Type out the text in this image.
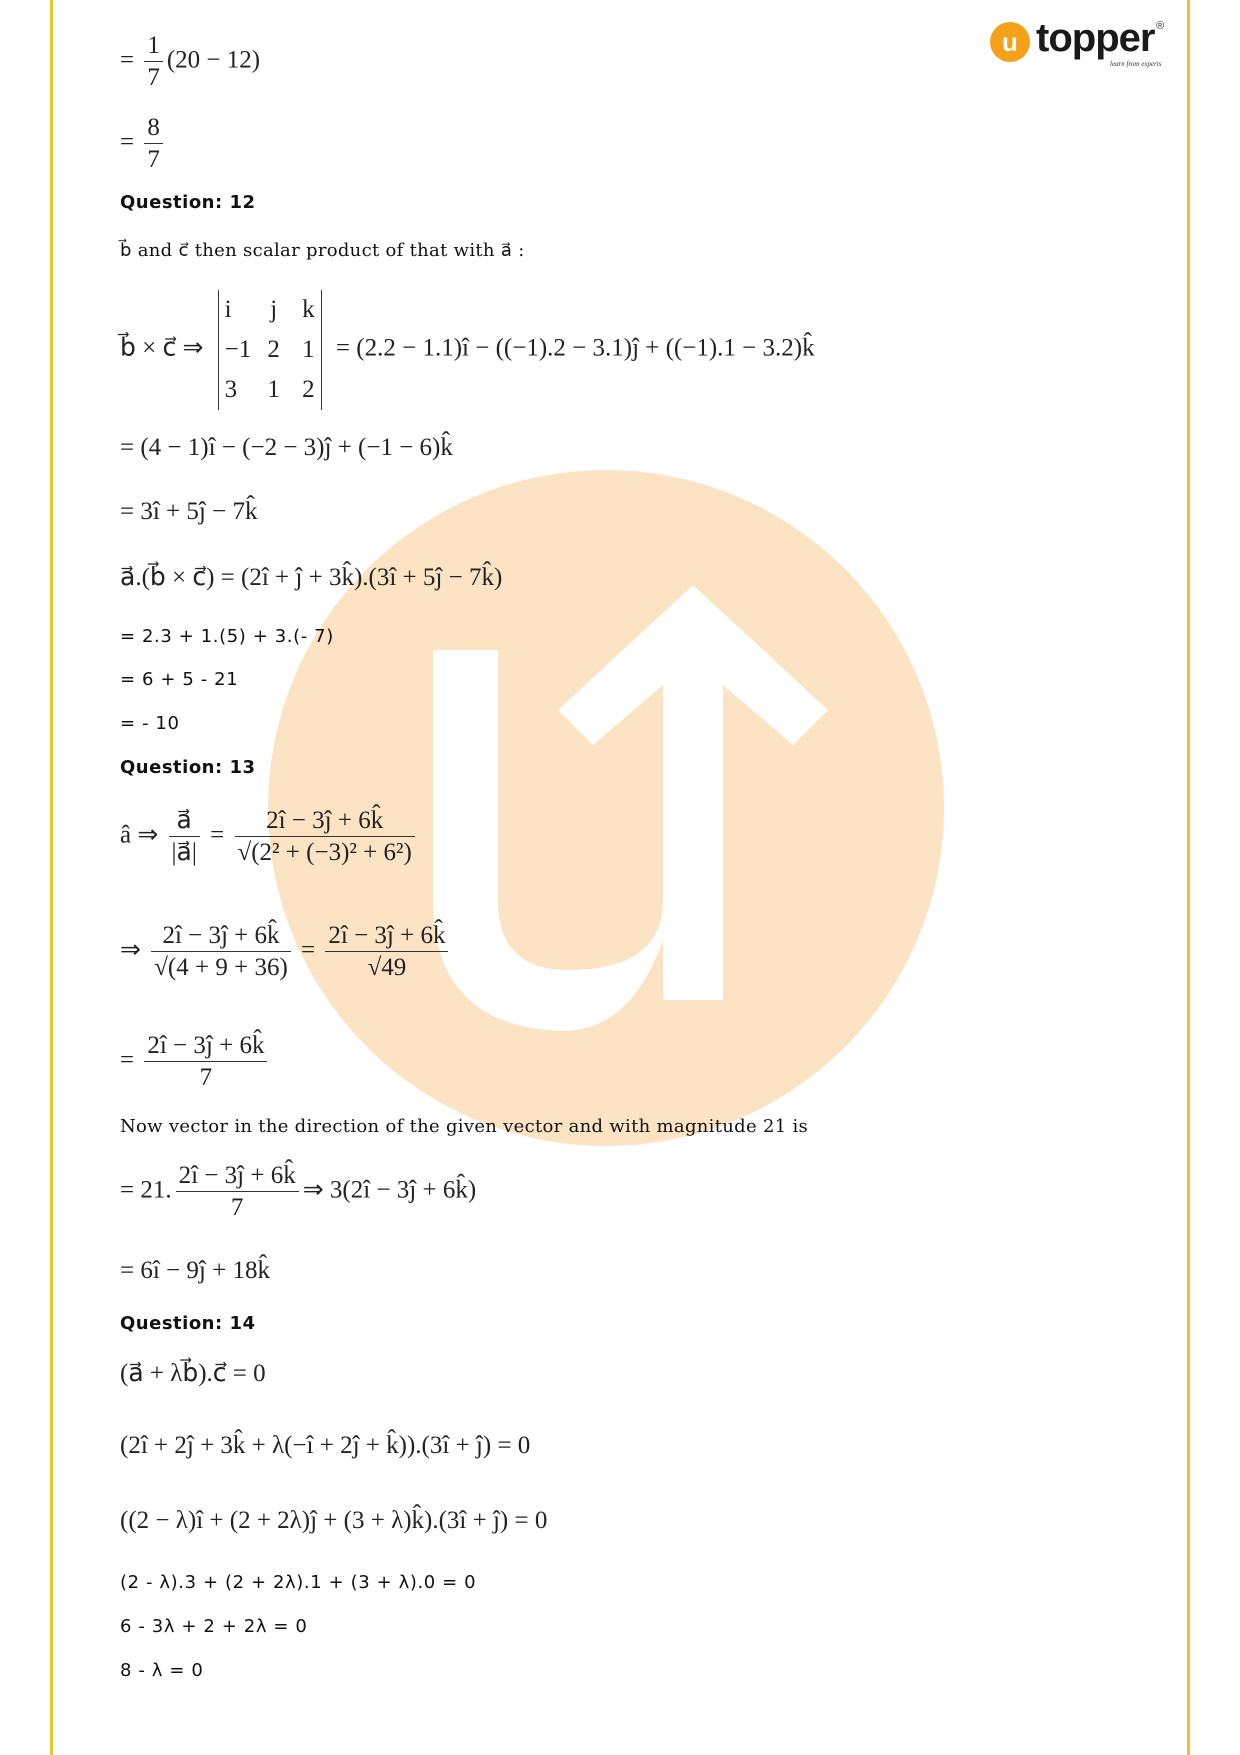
u topper
learn from experts
®
= $\frac{1}{7} (20 - 12)$
= $\frac{8}{7}$
Question: 12
b⃗ and c⃗ then scalar product of that with a⃗ :
b⃗ × c⃗ ⇒
i	j	k
−1 2 1
3	1 2
= (2.2 − 1.1)î − ((−1).2 − 3.1)ĵ + ((−1).1 − 3.2)k̂
= (4 − 1)î − (−2 − 3)ĵ + (−1 − 6)k̂
= 3î + 5ĵ − 7k̂
a⃗.(b⃗ × c⃗) = (2î + ĵ + 3k̂).(3î + 5ĵ − 7k̂)
= 2.3 + 1.(5) + 3.(- 7)
= 6 + 5 - 21
= - 10
Question: 13
â ⇒ $\frac{a⃗}{|a⃗|} = \frac{2î - 3ĵ + 6k̂}{\text{√(2² + (−3)² + 6²)}}$
⇒ $\frac{2î - 3ĵ + 6k̂}{√(4 + 9 + 36)} = \frac{2î - 3ĵ + 6k̂}{√49}$
= $\frac{2î - 3ĵ + 6k̂}{7}$
Now vector in the direction of the given vector and with magnitude 21 is
= 21. $\frac{2î - 3ĵ + 6k̂}{7}$ ⇒ 3(2î − 3ĵ + 6k̂)
= 6î − 9ĵ + 18k̂
Question: 14
(a⃗ + λb⃗).c⃗ = 0
(2î + 2ĵ + 3k̂ + λ(−î + 2ĵ + k̂)).(3î + ĵ) = 0
((2 − λ)î + (2 + 2λ)ĵ + (3 + λ)k̂).(3î + ĵ) = 0
(2 - λ).3 + (2 + 2λ).1 + (3 + λ).0 = 0
6 - 3λ + 2 + 2λ = 0
8 - λ = 0
